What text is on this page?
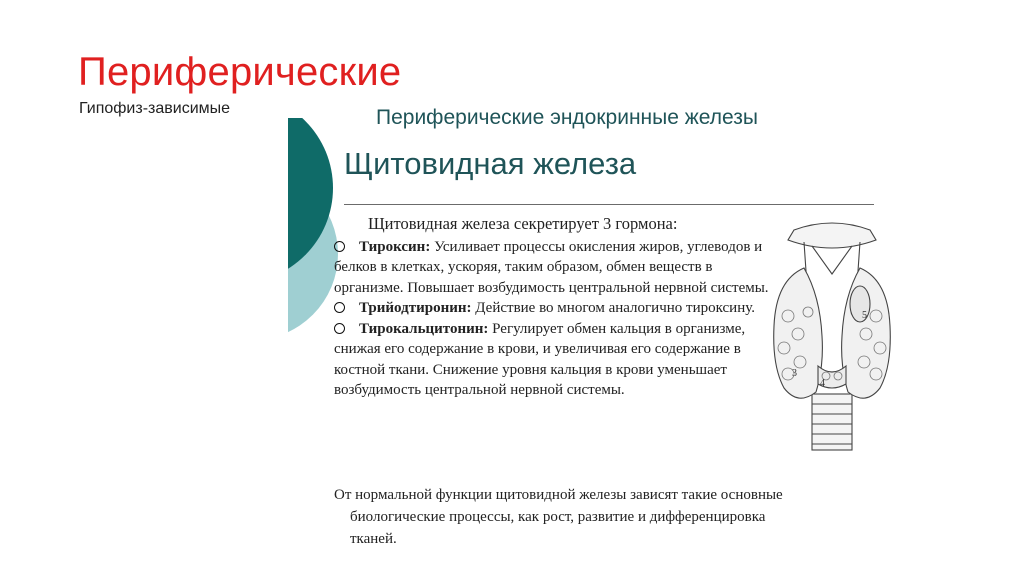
Периферические
Гипофиз-зависимые	Периферические эндокринные железы
Щитовидная железа
Щитовидная железа секретирует 3 гормона:
Тироксин: Усиливает процессы окисления жиров, углеводов и белков в клетках, ускоряя, таким образом, обмен веществ в организме. Повышает возбудимость центральной нервной системы.
Трийодтиронин: Действие во многом аналогично тироксину.
Тирокальцитонин: Регулирует обмен кальция в организме, снижая его содержание в крови, и увеличивая его содержание в костной ткани. Снижение уровня кальция в крови уменьшает возбудимость центральной нервной системы.
5
3
4
От нормальной функции щитовидной железы зависят такие основные
биологические процессы, как рост, развитие и дифференцировка
тканей.
